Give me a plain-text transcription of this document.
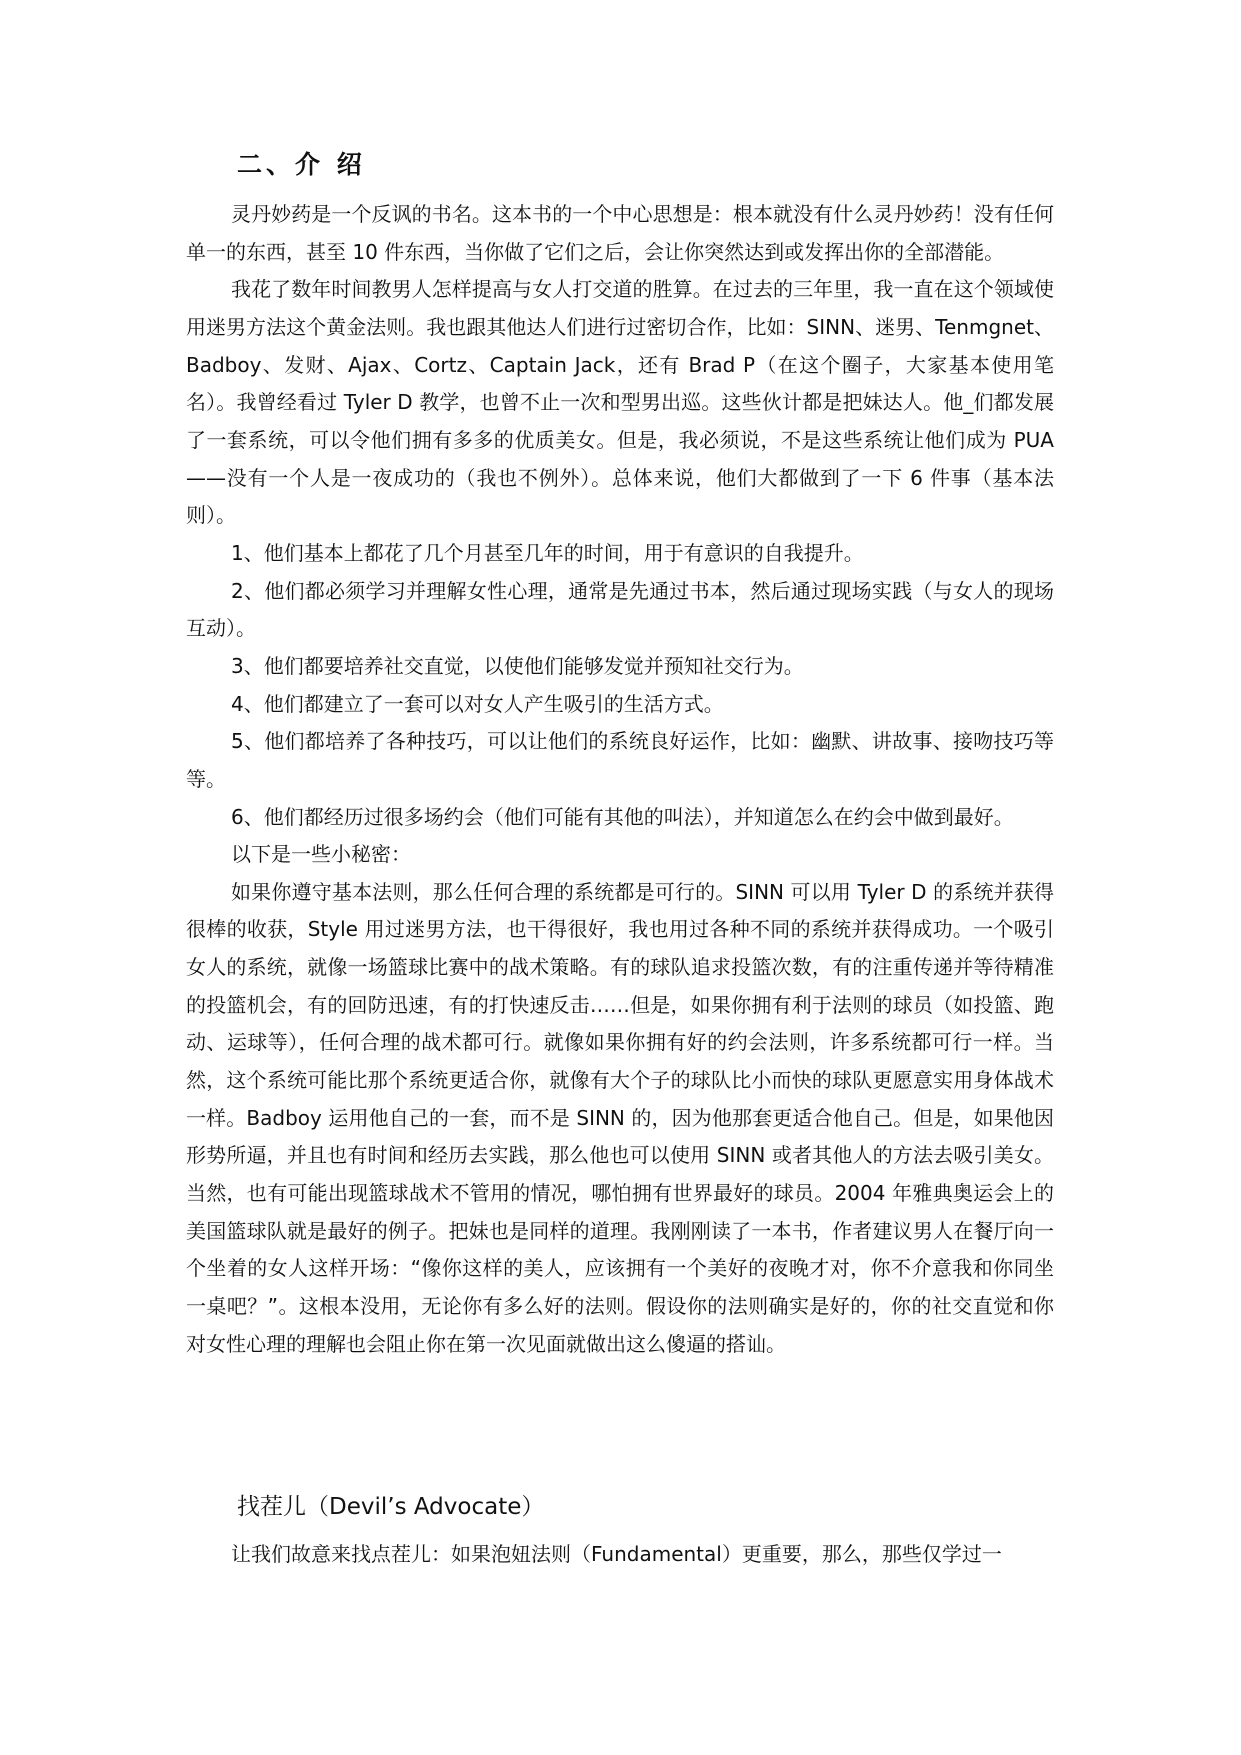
二、介 绍

灵丹妙药是一个反讽的书名。这本书的一个中心思想是：根本就没有什么灵丹妙药！没有任何单一的东西，甚至 10 件东西，当你做了它们之后，会让你突然达到或发挥出你的全部潜能。

我花了数年时间教男人怎样提高与女人打交道的胜算。在过去的三年里，我一直在这个领域使用迷男方法这个黄金法则。我也跟其他达人们进行过密切合作，比如：SINN、迷男、Tenmgnet、Badboy、发财、Ajax、Cortz、Captain Jack，还有 Brad P（在这个圈子，大家基本使用笔名）。我曾经看过 Tyler D 教学，也曾不止一次和型男出巡。这些伙计都是把妹达人。他_们都发展了一套系统，可以令他们拥有多多的优质美女。但是，我必须说，不是这些系统让他们成为 PUA——没有一个人是一夜成功的（我也不例外）。总体来说，他们大都做到了一下 6 件事（基本法则）。

1、他们基本上都花了几个月甚至几年的时间，用于有意识的自我提升。

2、他们都必须学习并理解女性心理，通常是先通过书本，然后通过现场实践（与女人的现场互动）。

3、他们都要培养社交直觉，以使他们能够发觉并预知社交行为。

4、他们都建立了一套可以对女人产生吸引的生活方式。

5、他们都培养了各种技巧，可以让他们的系统良好运作，比如：幽默、讲故事、接吻技巧等等。

6、他们都经历过很多场约会（他们可能有其他的叫法），并知道怎么在约会中做到最好。

以下是一些小秘密：

如果你遵守基本法则，那么任何合理的系统都是可行的。SINN 可以用 Tyler D 的系统并获得很棒的收获，Style 用过迷男方法，也干得很好，我也用过各种不同的系统并获得成功。一个吸引女人的系统，就像一场篮球比赛中的战术策略。有的球队追求投篮次数，有的注重传递并等待精准的投篮机会，有的回防迅速，有的打快速反击……但是，如果你拥有利于法则的球员（如投篮、跑动、运球等），任何合理的战术都可行。就像如果你拥有好的约会法则，许多系统都可行一样。当然，这个系统可能比那个系统更适合你，就像有大个子的球队比小而快的球队更愿意实用身体战术一样。Badboy 运用他自己的一套，而不是 SINN 的，因为他那套更适合他自己。但是，如果他因形势所逼，并且也有时间和经历去实践，那么他也可以使用 SINN 或者其他人的方法去吸引美女。当然，也有可能出现篮球战术不管用的情况，哪怕拥有世界最好的球员。2004 年雅典奥运会上的美国篮球队就是最好的例子。把妹也是同样的道理。我刚刚读了一本书，作者建议男人在餐厅向一个坐着的女人这样开场：“像你这样的美人，应该拥有一个美好的夜晚才对，你不介意我和你同坐一桌吧？”。这根本没用，无论你有多么好的法则。假设你的法则确实是好的，你的社交直觉和你对女性心理的理解也会阻止你在第一次见面就做出这么傻逼的搭讪。

找茬儿（Devil’s Advocate）

让我们故意来找点茬儿：如果泡妞法则（Fundamental）更重要，那么，那些仅学过一
